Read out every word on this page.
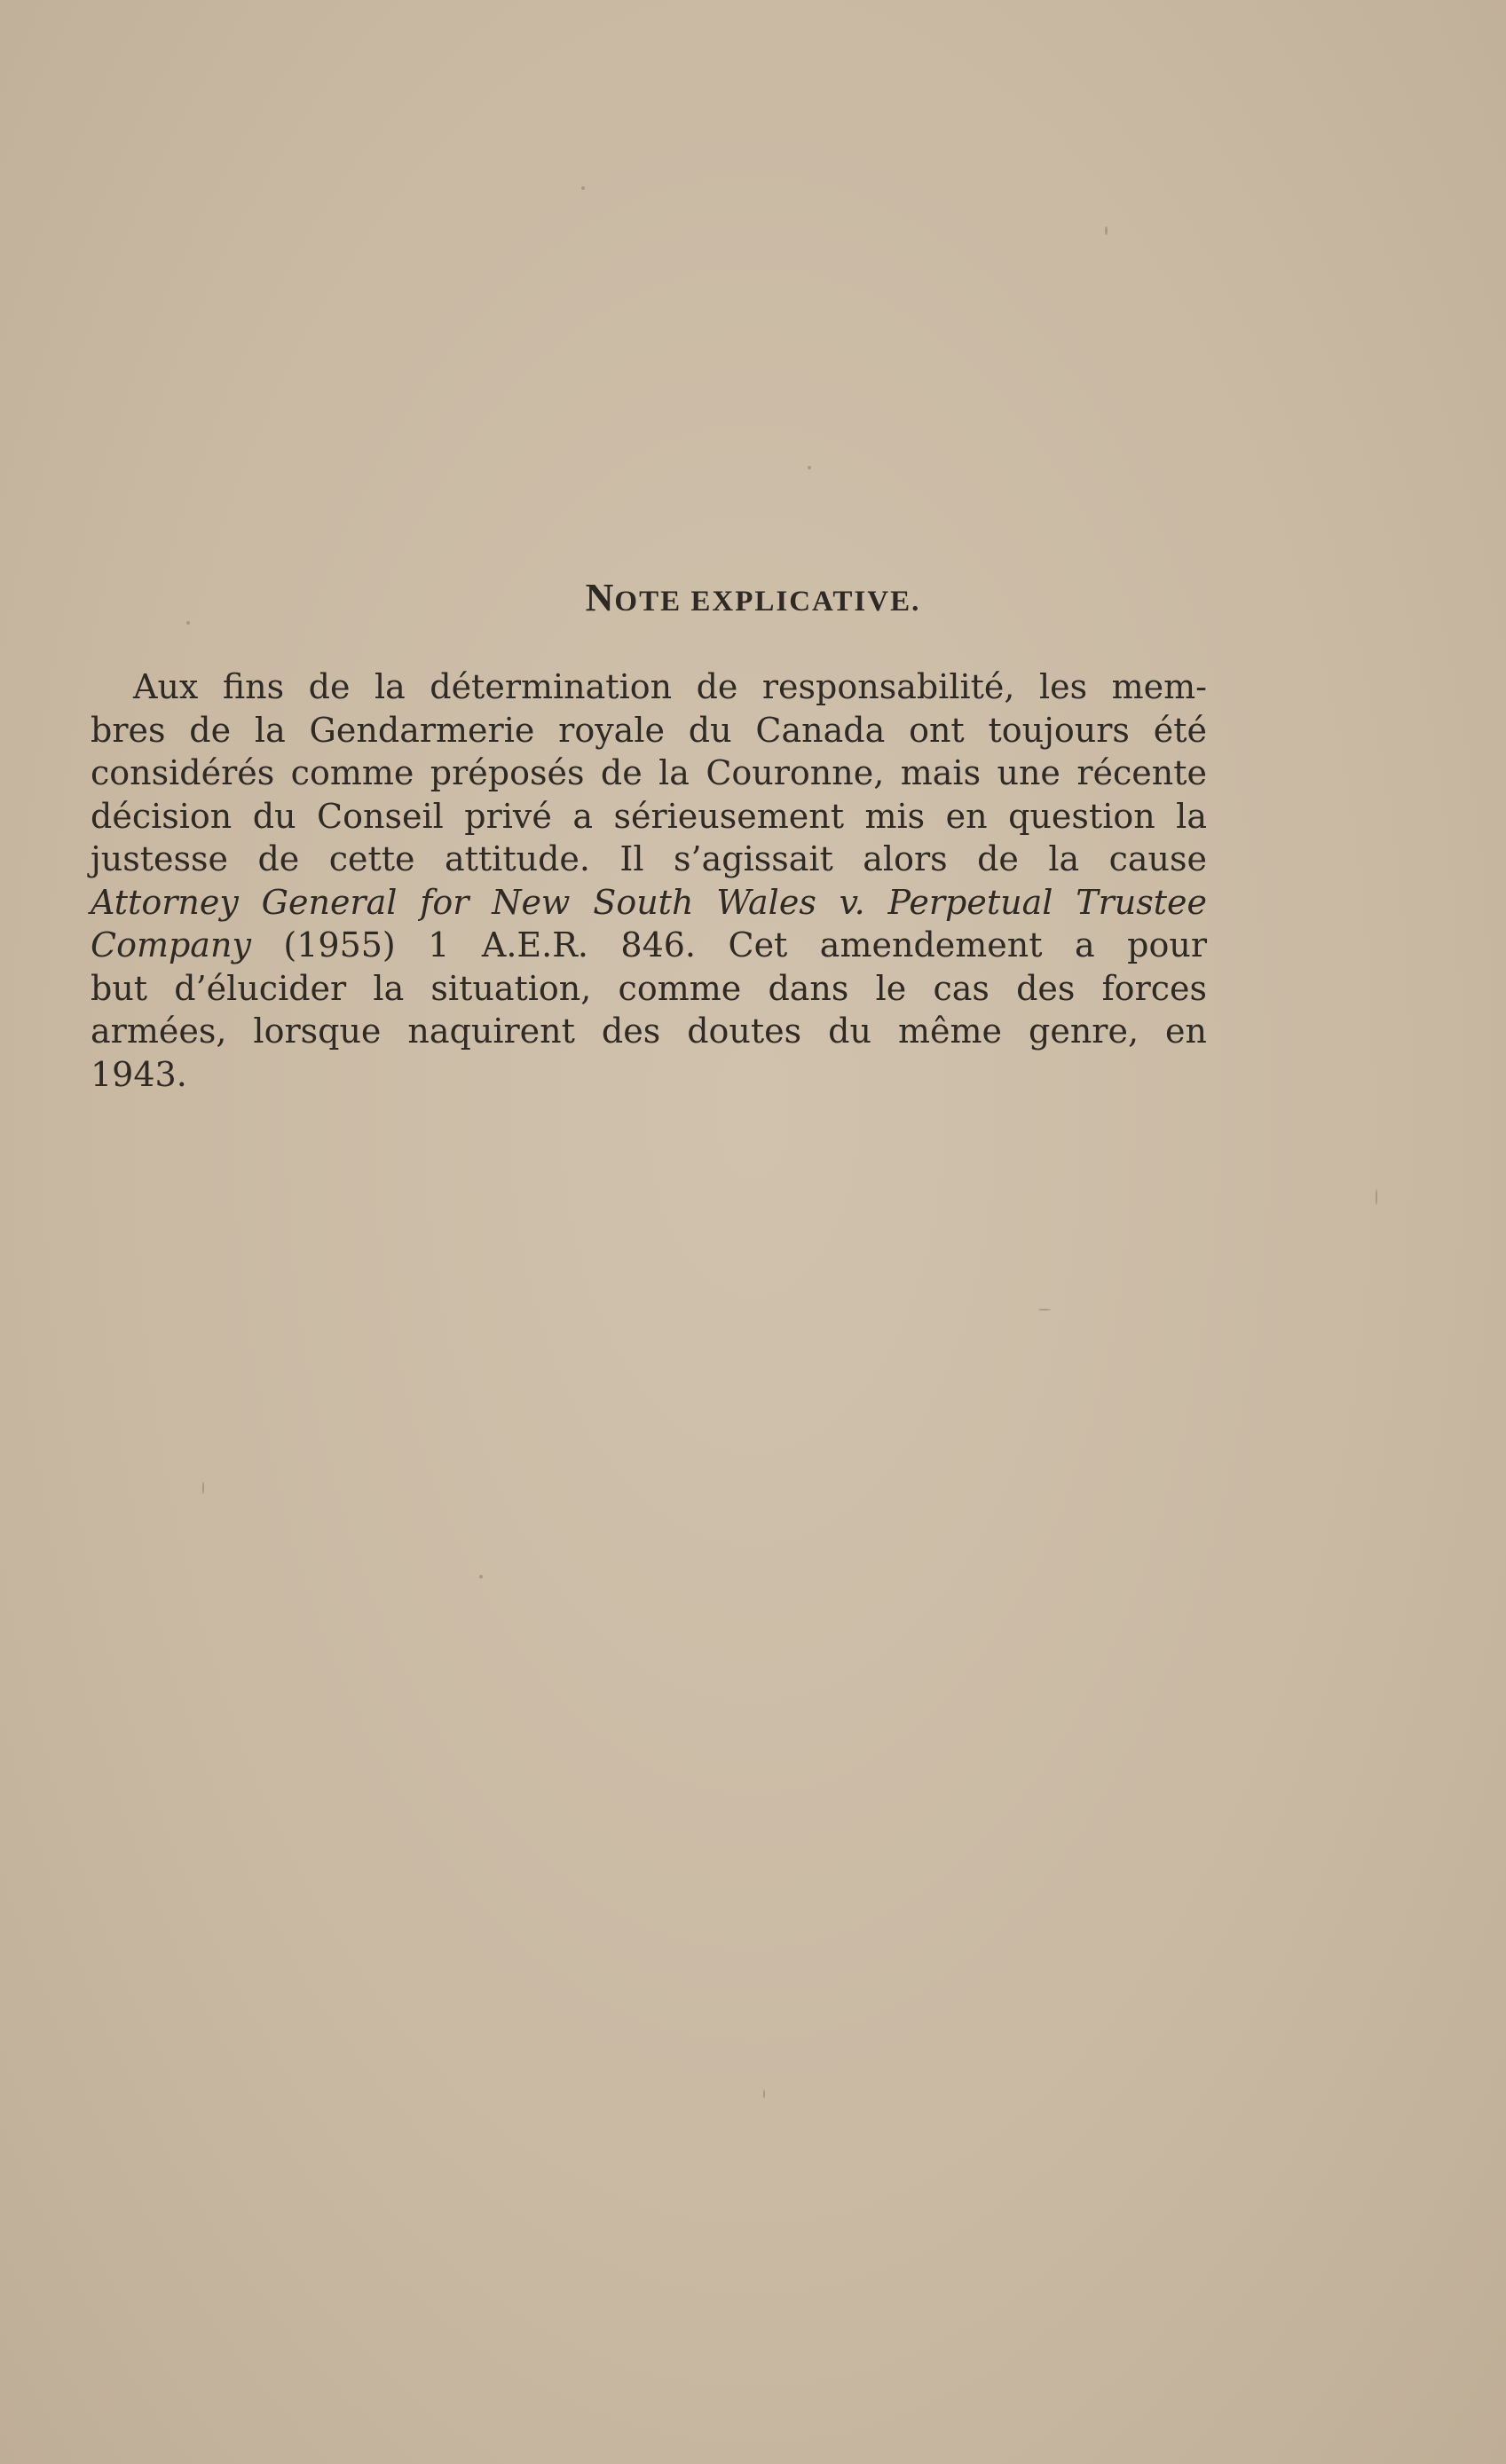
NOTE EXPLICATIVE.

Aux fins de la détermination de responsabilité, les mem-
bres de la Gendarmerie royale du Canada ont toujours été
considérés comme préposés de la Couronne, mais une récente
décision du Conseil privé a sérieusement mis en question la
justesse de cette attitude. Il s’agissait alors de la cause
Attorney General for New South Wales v. Perpetual Trustee
Company (1955) 1 A.E.R. 846. Cet amendement a pour
but d’élucider la situation, comme dans le cas des forces
armées, lorsque naquirent des doutes du même genre, en
1943.
